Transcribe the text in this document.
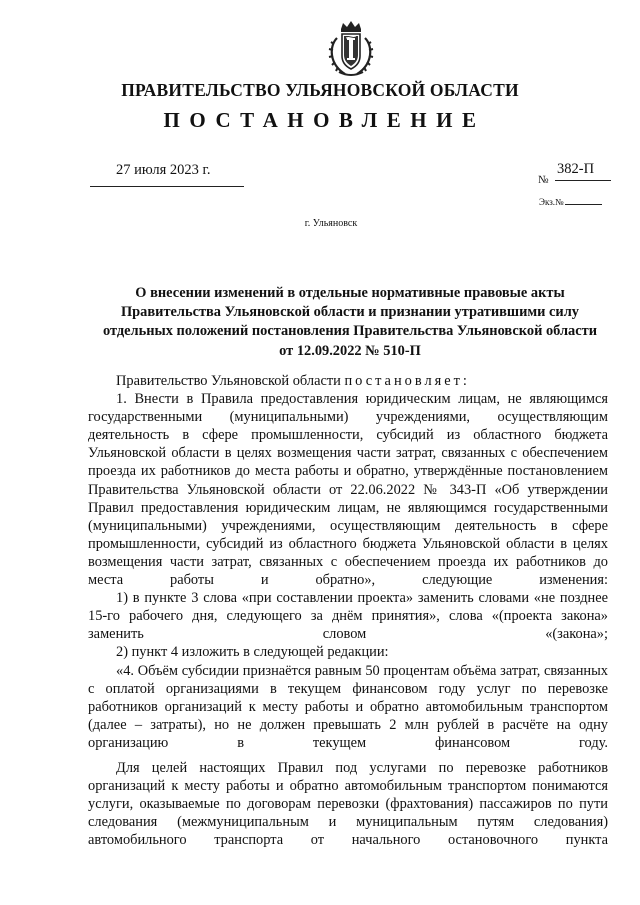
ПРАВИТЕЛЬСТВО УЛЬЯНОВСКОЙ ОБЛАСТИ
ПОСТАНОВЛЕНИЕ
27 июля 2023 г.
№
382-П
Экз.№
г. Ульяновск
О внесении изменений в отдельные нормативные правовые акты Правительства Ульяновской области и признании утратившими силу отдельных положений постановления Правительства Ульяновской области от 12.09.2022 № 510-П

Правительство Ульяновской области постановляет:

1. Внести в Правила предоставления юридическим лицам, не являющимся государственными (муниципальными) учреждениями, осуществляющим деятельность в сфере промышленности, субсидий из областного бюджета Ульяновской области в целях возмещения части затрат, связанных с обеспечением проезда их работников до места работы и обратно, утверждённые постановлением Правительства Ульяновской области от 22.06.2022 № 343-П «Об утверждении Правил предоставления юридическим лицам, не являющимся государственными (муниципальными) учреждениями, осуществляющим деятельность в сфере промышленности, субсидий из областного бюджета Ульяновской области в целях возмещения части затрат, связанных с обеспечением проезда их работников до места работы и обратно», следующие изменения:

1) в пункте 3 слова «при составлении проекта» заменить словами «не позднее 15-го рабочего дня, следующего за днём принятия», слова «(проекта закона» заменить словом «(закона»;

2) пункт 4 изложить в следующей редакции:

«4. Объём субсидии признаётся равным 50 процентам объёма затрат, связанных с оплатой организациями в текущем финансовом году услуг по перевозке работников организаций к месту работы и обратно автомобильным транспортом (далее – затраты), но не должен превышать 2 млн рублей в расчёте на одну организацию в текущем финансовом году.

Для целей настоящих Правил под услугами по перевозке работников организаций к месту работы и обратно автомобильным транспортом понимаются услуги, оказываемые по договорам перевозки (фрахтования) пассажиров по пути следования (межмуниципальным и муниципальным путям следования) автомобильного транспорта от начального остановочного пункта
